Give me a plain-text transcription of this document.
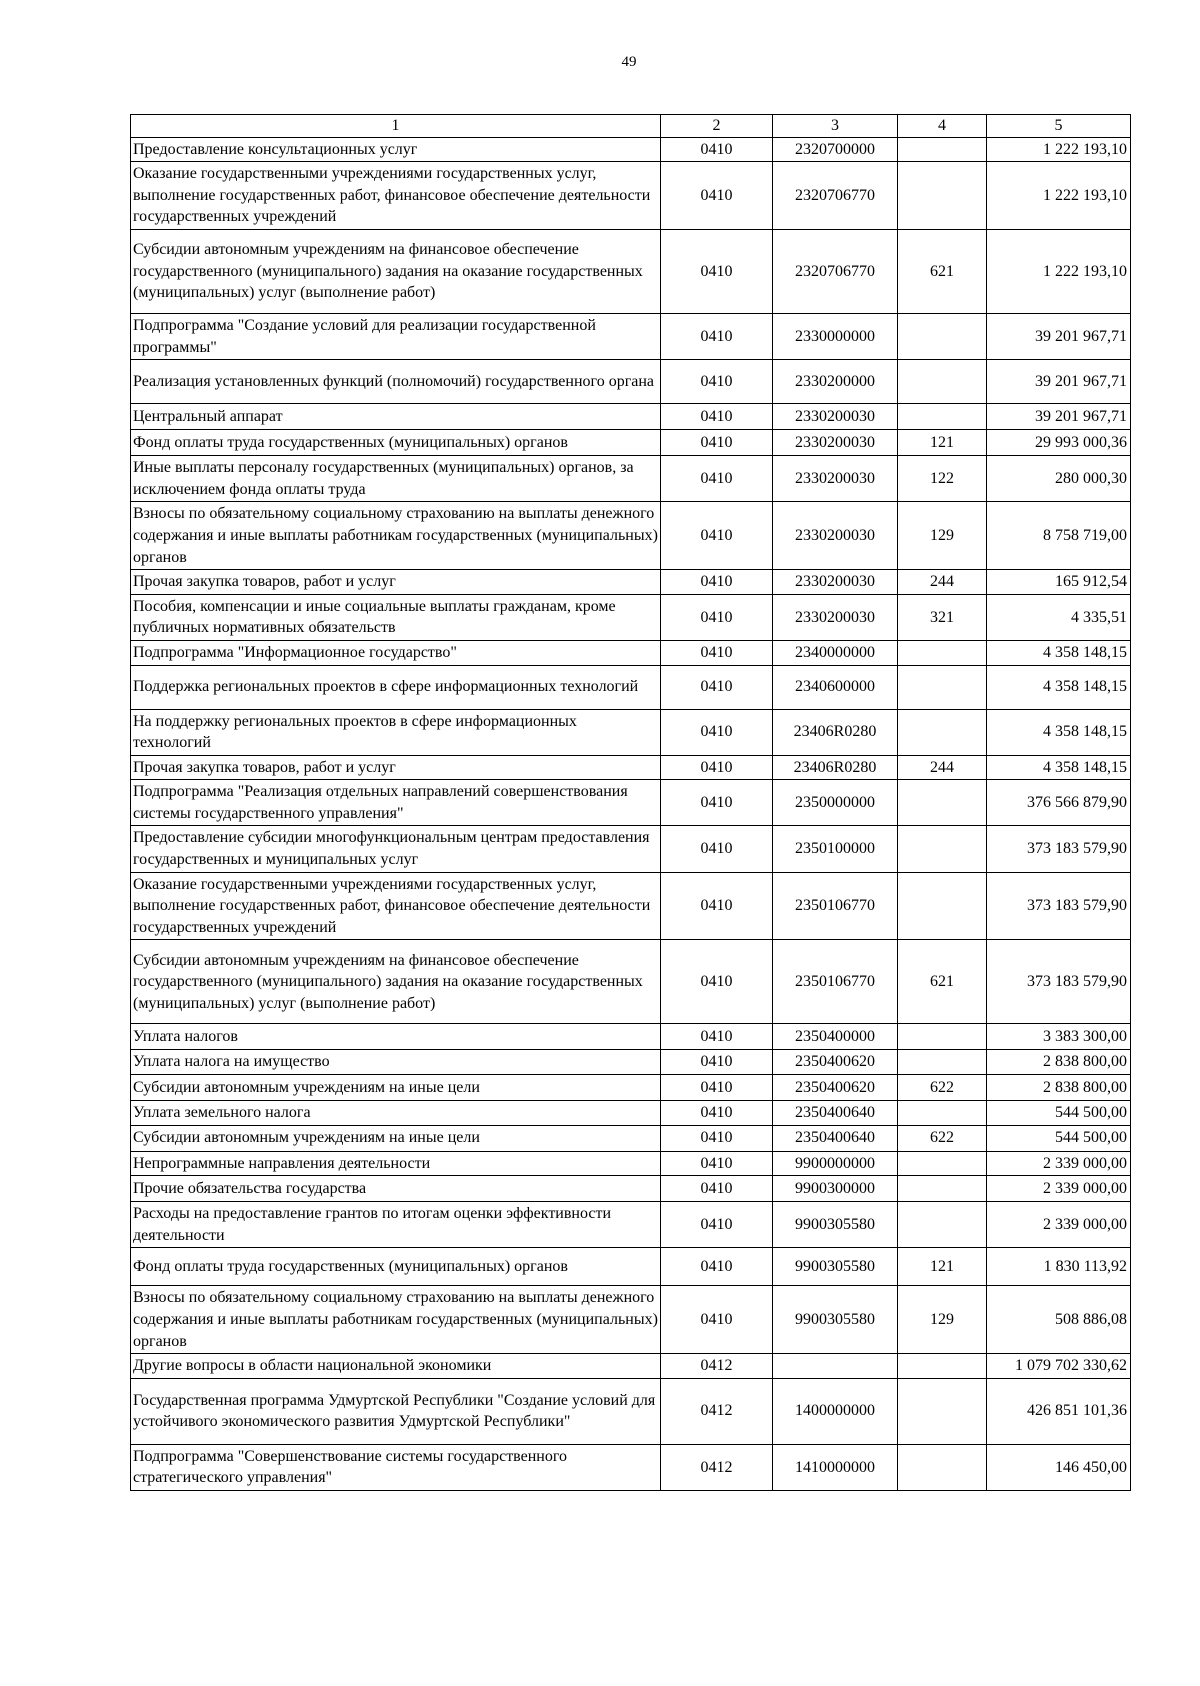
49
1	2	3	4	5
Предоставление консультационных услуг	0410	2320700000		1 222 193,10
Оказание государственными учреждениями государственных услуг, выполнение государственных работ, финансовое обеспечение деятельности государственных учреждений	0410	2320706770		1 222 193,10
Субсидии автономным учреждениям на финансовое обеспечение государственного (муниципального) задания на оказание государственных (муниципальных) услуг (выполнение работ)	0410	2320706770	621	1 222 193,10
Подпрограмма "Создание условий для реализации государственной программы"	0410	2330000000		39 201 967,71
Реализация установленных функций (полномочий) государственного органа	0410	2330200000		39 201 967,71
Центральный аппарат	0410	2330200030		39 201 967,71
Фонд оплаты труда государственных (муниципальных) органов	0410	2330200030	121	29 993 000,36
Иные выплаты персоналу государственных (муниципальных) органов, за исключением фонда оплаты труда	0410	2330200030	122	280 000,30
Взносы по обязательному социальному страхованию на выплаты денежного содержания и иные выплаты работникам государственных (муниципальных) органов	0410	2330200030	129	8 758 719,00
Прочая закупка товаров, работ и услуг	0410	2330200030	244	165 912,54
Пособия, компенсации и иные социальные выплаты гражданам, кроме публичных нормативных обязательств	0410	2330200030	321	4 335,51
Подпрограмма "Информационное государство"	0410	2340000000		4 358 148,15
Поддержка региональных проектов в сфере информационных технологий	0410	2340600000		4 358 148,15
На поддержку региональных проектов в сфере информационных технологий	0410	23406R0280		4 358 148,15
Прочая закупка товаров, работ и услуг	0410	23406R0280	244	4 358 148,15
Подпрограмма "Реализация отдельных направлений совершенствования системы государственного управления"	0410	2350000000		376 566 879,90
Предоставление субсидии многофункциональным центрам предоставления государственных и муниципальных услуг	0410	2350100000		373 183 579,90
Оказание государственными учреждениями государственных услуг, выполнение государственных работ, финансовое обеспечение деятельности государственных учреждений	0410	2350106770		373 183 579,90
Субсидии автономным учреждениям на финансовое обеспечение государственного (муниципального) задания на оказание государственных (муниципальных) услуг (выполнение работ)	0410	2350106770	621	373 183 579,90
Уплата налогов	0410	2350400000		3 383 300,00
Уплата налога на имущество	0410	2350400620		2 838 800,00
Субсидии автономным учреждениям на иные цели	0410	2350400620	622	2 838 800,00
Уплата земельного налога	0410	2350400640		544 500,00
Субсидии автономным учреждениям на иные цели	0410	2350400640	622	544 500,00
Непрограммные направления деятельности	0410	9900000000		2 339 000,00
Прочие обязательства государства	0410	9900300000		2 339 000,00
Расходы на предоставление грантов по итогам оценки эффективности деятельности	0410	9900305580		2 339 000,00
Фонд оплаты труда государственных (муниципальных) органов	0410	9900305580	121	1 830 113,92
Взносы по обязательному социальному страхованию на выплаты денежного содержания и иные выплаты работникам государственных (муниципальных) органов	0410	9900305580	129	508 886,08
Другие вопросы в области национальной экономики	0412			1 079 702 330,62
Государственная программа Удмуртской Республики "Создание условий для устойчивого экономического развития Удмуртской Республики"	0412	1400000000		426 851 101,36
Подпрограмма "Совершенствование системы государственного стратегического управления"	0412	1410000000		146 450,00
